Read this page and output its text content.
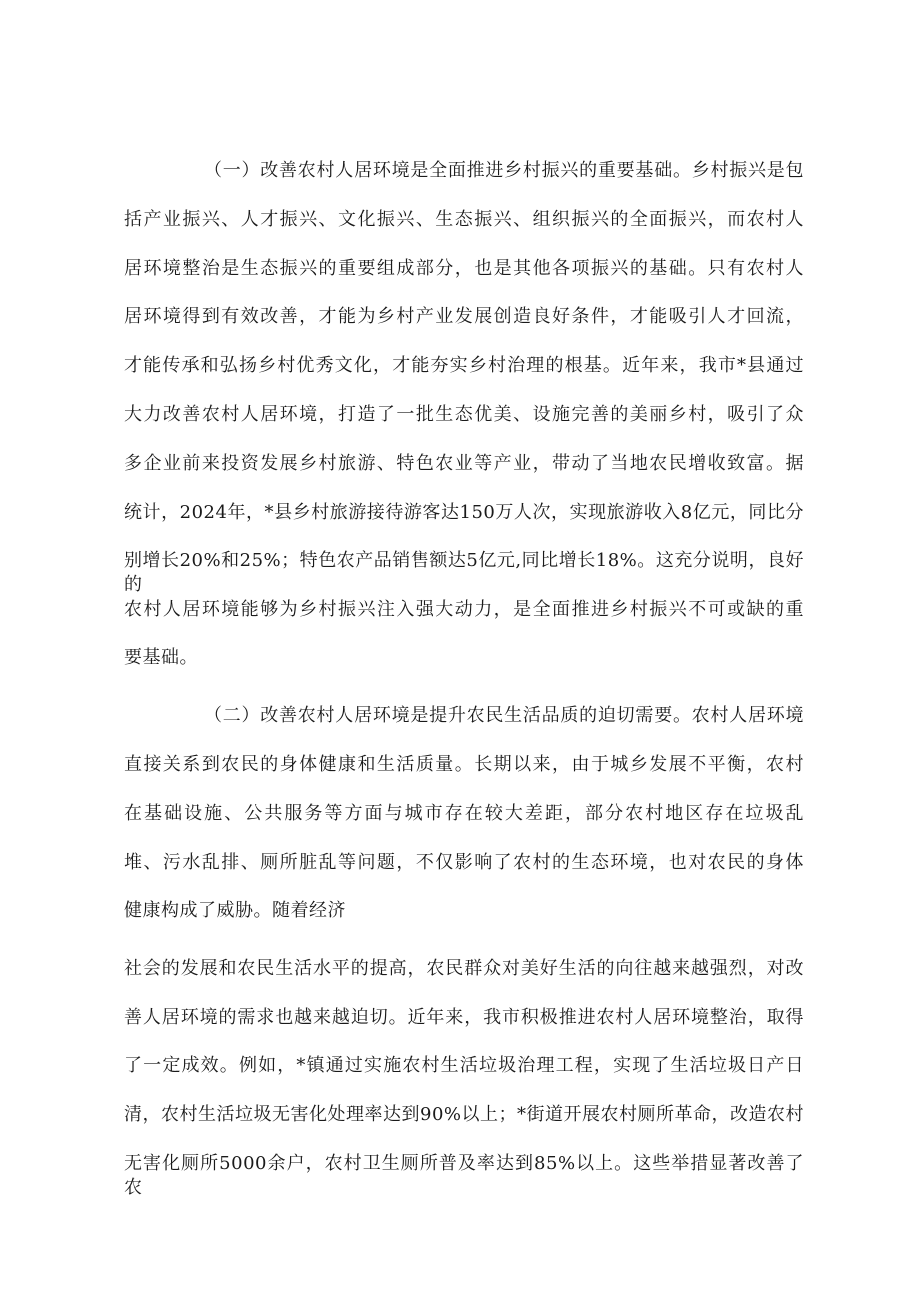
（一）改善农村人居环境是全面推进乡村振兴的重要基础。乡村振兴是包
括产业振兴、人才振兴、文化振兴、生态振兴、组织振兴的全面振兴，而农村人
居环境整治是生态振兴的重要组成部分，也是其他各项振兴的基础。只有农村人
居环境得到有效改善，才能为乡村产业发展创造良好条件，才能吸引人才回流，
才能传承和弘扬乡村优秀文化，才能夯实乡村治理的根基。近年来，我市*县通过
大力改善农村人居环境，打造了一批生态优美、设施完善的美丽乡村，吸引了众
多企业前来投资发展乡村旅游、特色农业等产业，带动了当地农民增收致富。据
统计，2024年，*县乡村旅游接待游客达150万人次，实现旅游收入8亿元，同比分
别增长20%和25%；特色农产品销售额达5亿元,同比增长18%。这充分说明，良好的
农村人居环境能够为乡村振兴注入强大动力，是全面推进乡村振兴不可或缺的重
要基础。
（二）改善农村人居环境是提升农民生活品质的迫切需要。农村人居环境
直接关系到农民的身体健康和生活质量。长期以来，由于城乡发展不平衡，农村
在基础设施、公共服务等方面与城市存在较大差距，部分农村地区存在垃圾乱
堆、污水乱排、厕所脏乱等问题，不仅影响了农村的生态环境，也对农民的身体
健康构成了威胁。随着经济
社会的发展和农民生活水平的提高，农民群众对美好生活的向往越来越强烈，对改
善人居环境的需求也越来越迫切。近年来，我市积极推进农村人居环境整治，取得
了一定成效。例如，*镇通过实施农村生活垃圾治理工程，实现了生活垃圾日产日
清，农村生活垃圾无害化处理率达到90%以上；*街道开展农村厕所革命，改造农村
无害化厕所5000余户，农村卫生厕所普及率达到85%以上。这些举措显著改善了农
